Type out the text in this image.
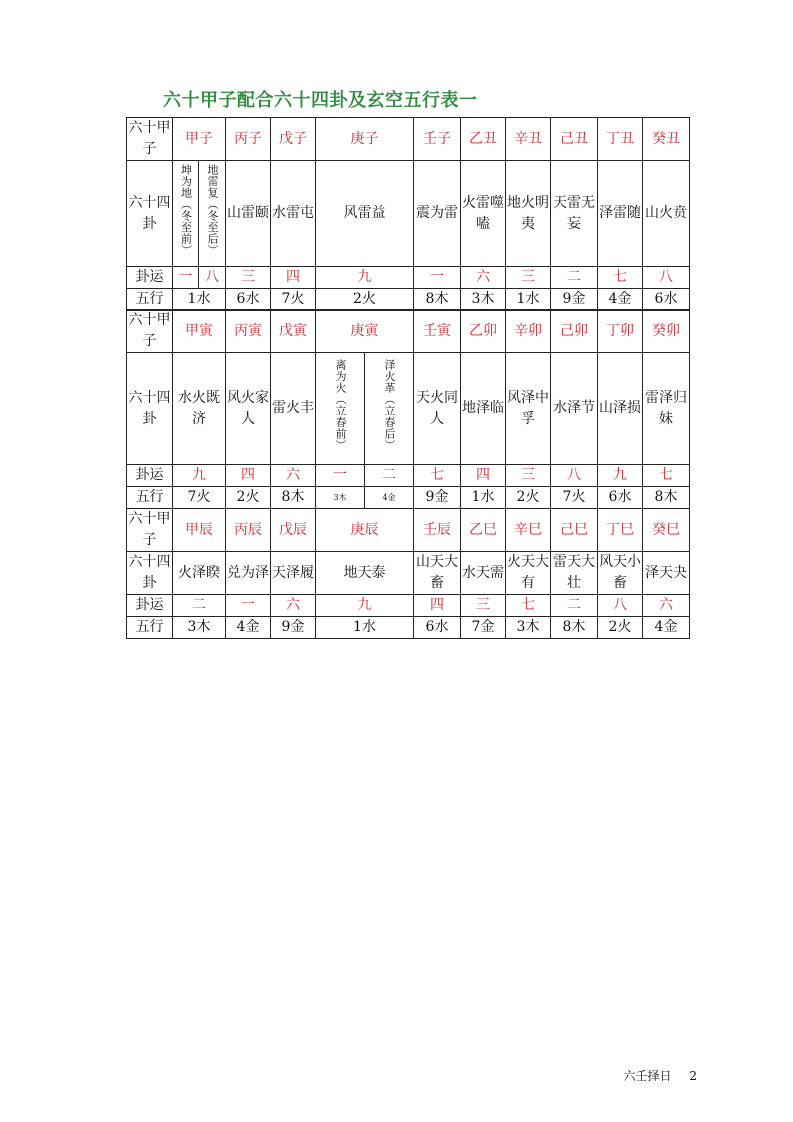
六十甲子配合六十四卦及玄空五行表一
六十甲子	甲子		丙子	戊子	庚子	壬子	乙丑	辛丑	己丑	丁丑	癸丑
六十四卦	坤为地（冬至前）	地雷复（冬至后）	山雷颐	水雷屯	风雷益	震为雷	火雷噬嗑	地火明夷	天雷无妄	泽雷随	山火贲
卦运	一	八	三	四	九	一	六	三	二	七	八
五行	1水		6水	7火	2火	8木	3木	1水	9金	4金	6水
六十甲子	甲寅	丙寅	戊寅	庚寅		壬寅	乙卯	辛卯	己卯	丁卯	癸卯
六十四卦	水火既济	风火家人	雷火丰	离为火（立春前）	泽火革（立春后）	天火同人	地泽临	风泽中孚	水泽节	山泽损	雷泽归妹
卦运	九	四	六	一	二	七	四	三	八	九	七
五行	7火	2火	8木	3木	4金	9金	1水	2火	7火	6水	8木
六十甲子	甲辰	丙辰	戊辰	庚辰	壬辰	乙巳	辛巳	己巳	丁巳	癸巳
六十四卦	火泽睽	兑为泽	天泽履	地天泰	山天大畜	水天需	火天大有	雷天大壮	风天小畜	泽天夬
卦运	二	一	六	九	四	三	七	二	八	六
五行	3木	4金	9金	1水	6水	7金	3木	8木	2火	4金
六壬择日 2
